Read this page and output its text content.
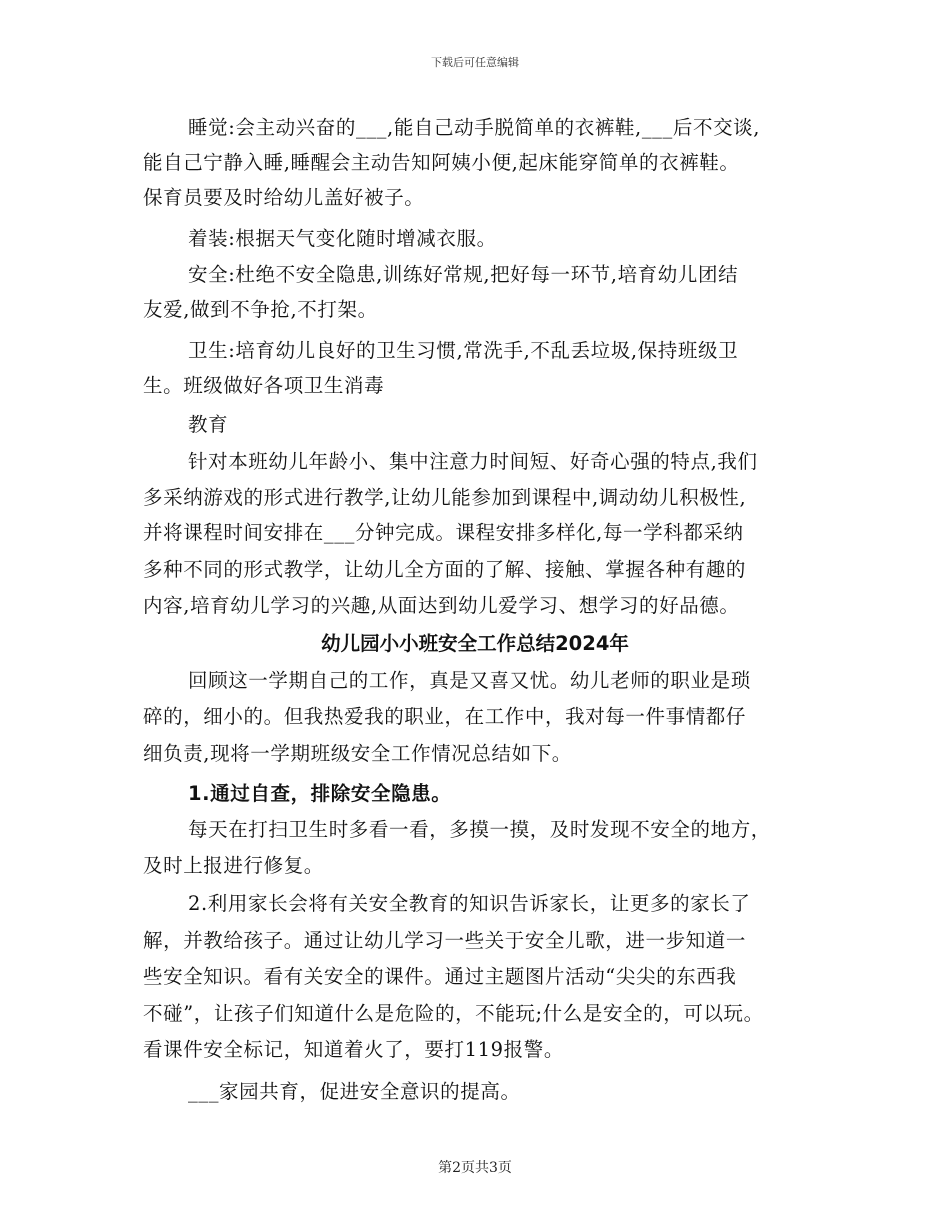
下载后可任意编辑
睡觉:会主动兴奋的___,能自己动手脱简单的衣裤鞋,___后不交谈,
能自己宁静入睡,睡醒会主动告知阿姨小便,起床能穿简单的衣裤鞋。
保育员要及时给幼儿盖好被子。
着装:根据天气变化随时增减衣服。
安全:杜绝不安全隐患,训练好常规,把好每一环节,培育幼儿团结
友爱,做到不争抢,不打架。
卫生:培育幼儿良好的卫生习惯,常洗手,不乱丢垃圾,保持班级卫
生。班级做好各项卫生消毒
教育
针对本班幼儿年龄小、集中注意力时间短、好奇心强的特点,我们
多采纳游戏的形式进行教学,让幼儿能参加到课程中,调动幼儿积极性,
并将课程时间安排在___分钟完成。课程安排多样化,每一学科都采纳
多种不同的形式教学，让幼儿全方面的了解、接触、掌握各种有趣的
内容,培育幼儿学习的兴趣,从面达到幼儿爱学习、想学习的好品德。
幼儿园小小班安全工作总结2024年
回顾这一学期自己的工作，真是又喜又忧。幼儿老师的职业是琐
碎的，细小的。但我热爱我的职业，在工作中，我对每一件事情都仔
细负责,现将一学期班级安全工作情况总结如下。
1.通过自查，排除安全隐患。
每天在打扫卫生时多看一看，多摸一摸，及时发现不安全的地方，
及时上报进行修复。
2.利用家长会将有关安全教育的知识告诉家长，让更多的家长了
解，并教给孩子。通过让幼儿学习一些关于安全儿歌，进一步知道一
些安全知识。看有关安全的课件。通过主题图片活动“尖尖的东西我
不碰”，让孩子们知道什么是危险的，不能玩;什么是安全的，可以玩。
看课件安全标记，知道着火了，要打119报警。
___家园共育，促进安全意识的提高。
第2页共3页
